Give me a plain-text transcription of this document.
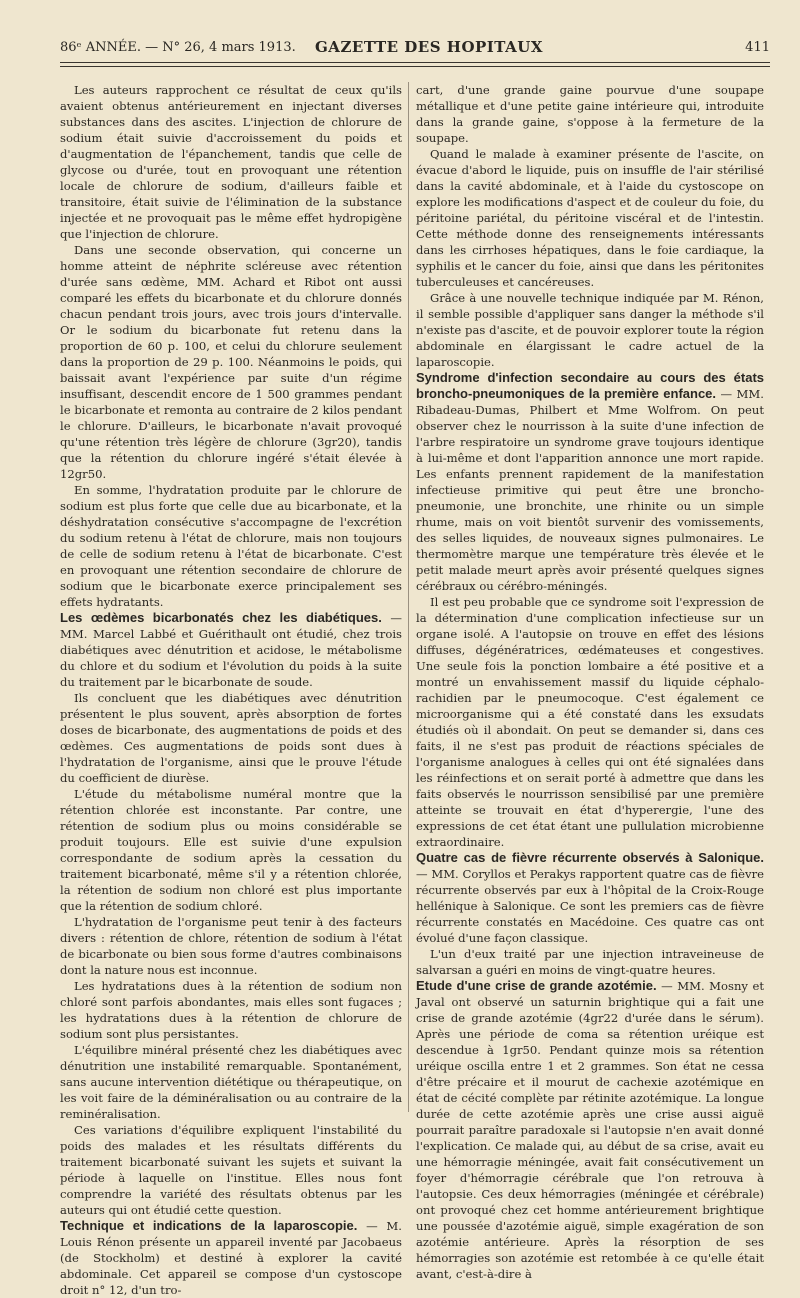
86ᵉ ANNÉE. — N° 26, 4 mars 1913. GAZETTE DES HOPITAUX	411

Les auteurs rapprochent ce résultat de ceux qu'ils avaient obtenus antérieurement en injectant diverses substances dans des ascites. L'injection de chlorure de sodium était suivie d'accroissement du poids et d'augmentation de l'épanchement, tandis que celle de glycose ou d'urée, tout en provoquant une rétention locale de chlorure de sodium, d'ailleurs faible et transitoire, était suivie de l'élimination de la substance injectée et ne provoquait pas le même effet hydropigène que l'injection de chlorure.

Dans une seconde observation, qui concerne un homme atteint de néphrite scléreuse avec rétention d'urée sans œdème, MM. Achard et Ribot ont aussi comparé les effets du bicarbonate et du chlorure donnés chacun pendant trois jours, avec trois jours d'intervalle. Or le sodium du bicarbonate fut retenu dans la proportion de 60 p. 100, et celui du chlorure seulement dans la proportion de 29 p. 100. Néanmoins le poids, qui baissait avant l'expérience par suite d'un régime insuffisant, descendit encore de 1 500 grammes pendant le bicarbonate et remonta au contraire de 2 kilos pendant le chlorure. D'ailleurs, le bicarbonate n'avait provoqué qu'une rétention très légère de chlorure (3gr20), tandis que la rétention du chlorure ingéré s'était élevée à 12gr50.

En somme, l'hydratation produite par le chlorure de sodium est plus forte que celle due au bicarbonate, et la déshydratation consécutive s'accompagne de l'excrétion du sodium retenu à l'état de chlorure, mais non toujours de celle de sodium retenu à l'état de bicarbonate. C'est en provoquant une rétention secondaire de chlorure de sodium que le bicarbonate exerce principalement ses effets hydratants.

Les œdèmes bicarbonatés chez les diabétiques. — MM. Marcel Labbé et Guérithault ont étudié, chez trois diabétiques avec dénutrition et acidose, le métabolisme du chlore et du sodium et l'évolution du poids à la suite du traitement par le bicarbonate de soude.

Ils concluent que les diabétiques avec dénutrition présentent le plus souvent, après absorption de fortes doses de bicarbonate, des augmentations de poids et des œdèmes. Ces augmentations de poids sont dues à l'hydratation de l'organisme, ainsi que le prouve l'étude du coefficient de diurèse.

L'étude du métabolisme numéral montre que la rétention chlorée est inconstante. Par contre, une rétention de sodium plus ou moins considérable se produit toujours. Elle est suivie d'une expulsion correspondante de sodium après la cessation du traitement bicarbonaté, même s'il y a rétention chlorée, la rétention de sodium non chloré est plus importante que la rétention de sodium chloré.

L'hydratation de l'organisme peut tenir à des facteurs divers : rétention de chlore, rétention de sodium à l'état de bicarbonate ou bien sous forme d'autres combinaisons dont la nature nous est inconnue.

Les hydratations dues à la rétention de sodium non chloré sont parfois abondantes, mais elles sont fugaces ; les hydratations dues à la rétention de chlorure de sodium sont plus persistantes.

L'équilibre minéral présenté chez les diabétiques avec dénutrition une instabilité remarquable. Spontanément, sans aucune intervention diététique ou thérapeutique, on les voit faire de la déminéralisation ou au contraire de la reminéralisation.

Ces variations d'équilibre expliquent l'instabilité du poids des malades et les résultats différents du traitement bicarbonaté suivant les sujets et suivant la période à laquelle on l'institue. Elles nous font comprendre la variété des résultats obtenus par les auteurs qui ont étudié cette question.

Technique et indications de la laparoscopie. — M. Louis Rénon présente un appareil inventé par Jacobaeus (de Stockholm) et destiné à explorer la cavité abdominale. Cet appareil se compose d'un cystoscope droit n° 12, d'un tro-

cart, d'une grande gaine pourvue d'une soupape métallique et d'une petite gaine intérieure qui, introduite dans la grande gaine, s'oppose à la fermeture de la soupape.

Quand le malade à examiner présente de l'ascite, on évacue d'abord le liquide, puis on insuffle de l'air stérilisé dans la cavité abdominale, et à l'aide du cystoscope on explore les modifications d'aspect et de couleur du foie, du péritoine pariétal, du péritoine viscéral et de l'intestin. Cette méthode donne des renseignements intéressants dans les cirrhoses hépatiques, dans le foie cardiaque, la syphilis et le cancer du foie, ainsi que dans les péritonites tuberculeuses et cancéreuses.

Grâce à une nouvelle technique indiquée par M. Rénon, il semble possible d'appliquer sans danger la méthode s'il n'existe pas d'ascite, et de pouvoir explorer toute la région abdominale en élargissant le cadre actuel de la laparoscopie.

Syndrome d'infection secondaire au cours des états broncho-pneumoniques de la première enfance. — MM. Ribadeau-Dumas, Philbert et Mme Wolfrom. On peut observer chez le nourrisson à la suite d'une infection de l'arbre respiratoire un syndrome grave toujours identique à lui-même et dont l'apparition annonce une mort rapide. Les enfants prennent rapidement de la manifestation infectieuse primitive qui peut être une broncho-pneumonie, une bronchite, une rhinite ou un simple rhume, mais on voit bientôt survenir des vomissements, des selles liquides, de nouveaux signes pulmonaires. Le thermomètre marque une température très élevée et le petit malade meurt après avoir présenté quelques signes cérébraux ou cérébro-méningés.

Il est peu probable que ce syndrome soit l'expression de la détermination d'une complication infectieuse sur un organe isolé. A l'autopsie on trouve en effet des lésions diffuses, dégénératrices, œdémateuses et congestives. Une seule fois la ponction lombaire a été positive et a montré un envahissement massif du liquide céphalo-rachidien par le pneumocoque. C'est également ce microorganisme qui a été constaté dans les exsudats étudiés où il abondait. On peut se demander si, dans ces faits, il ne s'est pas produit de réactions spéciales de l'organisme analogues à celles qui ont été signalées dans les réinfections et on serait porté à admettre que dans les faits observés le nourrisson sensibilisé par une première atteinte se trouvait en état d'hyperergie, l'une des expressions de cet état étant une pullulation microbienne extraordinaire.

Quatre cas de fièvre récurrente observés à Salonique. — MM. Coryllos et Perakys rapportent quatre cas de fièvre récurrente observés par eux à l'hôpital de la Croix-Rouge hellénique à Salonique. Ce sont les premiers cas de fièvre récurrente constatés en Macédoine. Ces quatre cas ont évolué d'une façon classique.

L'un d'eux traité par une injection intraveineuse de salvarsan a guéri en moins de vingt-quatre heures.

Etude d'une crise de grande azotémie. — MM. Mosny et Javal ont observé un saturnin brightique qui a fait une crise de grande azotémie (4gr22 d'urée dans le sérum). Après une période de coma sa rétention uréique est descendue à 1gr50. Pendant quinze mois sa rétention uréique oscilla entre 1 et 2 grammes. Son état ne cessa d'être précaire et il mourut de cachexie azotémique en état de cécité complète par rétinite azotémique. La longue durée de cette azotémie après une crise aussi aiguë pourrait paraître paradoxale si l'autopsie n'en avait donné l'explication. Ce malade qui, au début de sa crise, avait eu une hémorragie méningée, avait fait consécutivement un foyer d'hémorragie cérébrale que l'on retrouva à l'autopsie. Ces deux hémorragies (méningée et cérébrale) ont provoqué chez cet homme antérieurement brightique une poussée d'azotémie aiguë, simple exagération de son azotémie antérieure. Après la résorption de ses hémorragies son azotémie est retombée à ce qu'elle était avant, c'est-à-dire à
